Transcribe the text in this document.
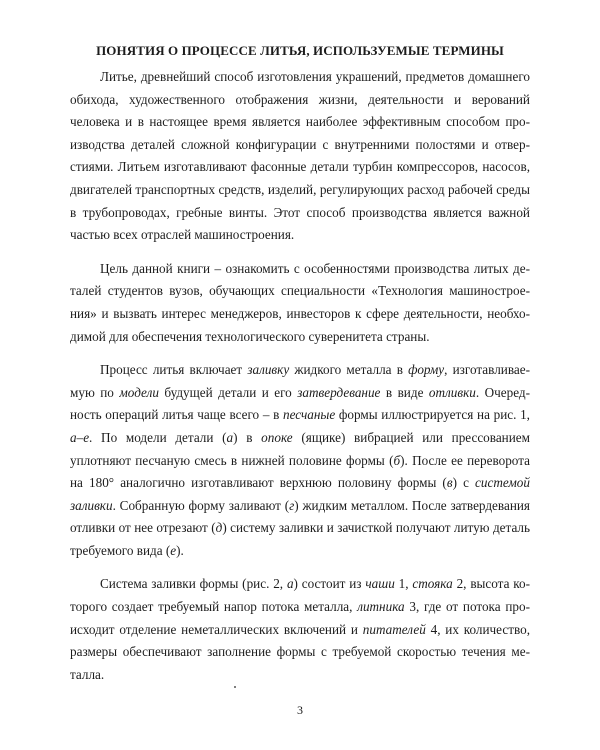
ПОНЯТИЯ О ПРОЦЕССЕ ЛИТЬЯ, ИСПОЛЬЗУЕМЫЕ ТЕРМИНЫ

Литье, древнейший способ изготовления украшений, предметов домашнего обихода, художественного отображения жизни, деятельности и верований человека и в настоящее время является наиболее эффективным способом производства деталей сложной конфигурации с внутренними полостями и отверстиями. Литьем изготавливают фасонные детали турбин компрессоров, насосов, двигателей транспортных средств, изделий, регулирующих расход рабочей среды в трубопроводах, гребные винты. Этот способ производства является важной частью всех отраслей машиностроения.

Цель данной книги – ознакомить с особенностями производства литых деталей студентов вузов, обучающих специальности «Технология машиностроения» и вызвать интерес менеджеров, инвесторов к сфере деятельности, необходимой для обеспечения технологического суверенитета страны.

Процесс литья включает заливку жидкого металла в форму, изготавливаемую по модели будущей детали и его затвердевание в виде отливки. Очередность операций литья чаще всего – в песчаные формы иллюстрируется на рис. 1, а–е. По модели детали (а) в опоке (ящике) вибрацией или прессованием уплотняют песчаную смесь в нижней половине формы (б). После ее переворота на 180° аналогично изготавливают верхнюю половину формы (в) с системой заливки. Собранную форму заливают (г) жидким металлом. После затвердевания отливки от нее отрезают (д) систему заливки и зачисткой получают литую деталь требуемого вида (е).

Система заливки формы (рис. 2, а) состоит из чаши 1, стояка 2, высота которого создает требуемый напор потока металла, литника 3, где от потока происходит отделение неметаллических включений и питателей 4, их количество, размеры обеспечивают заполнение формы с требуемой скоростью течения металла.

3
